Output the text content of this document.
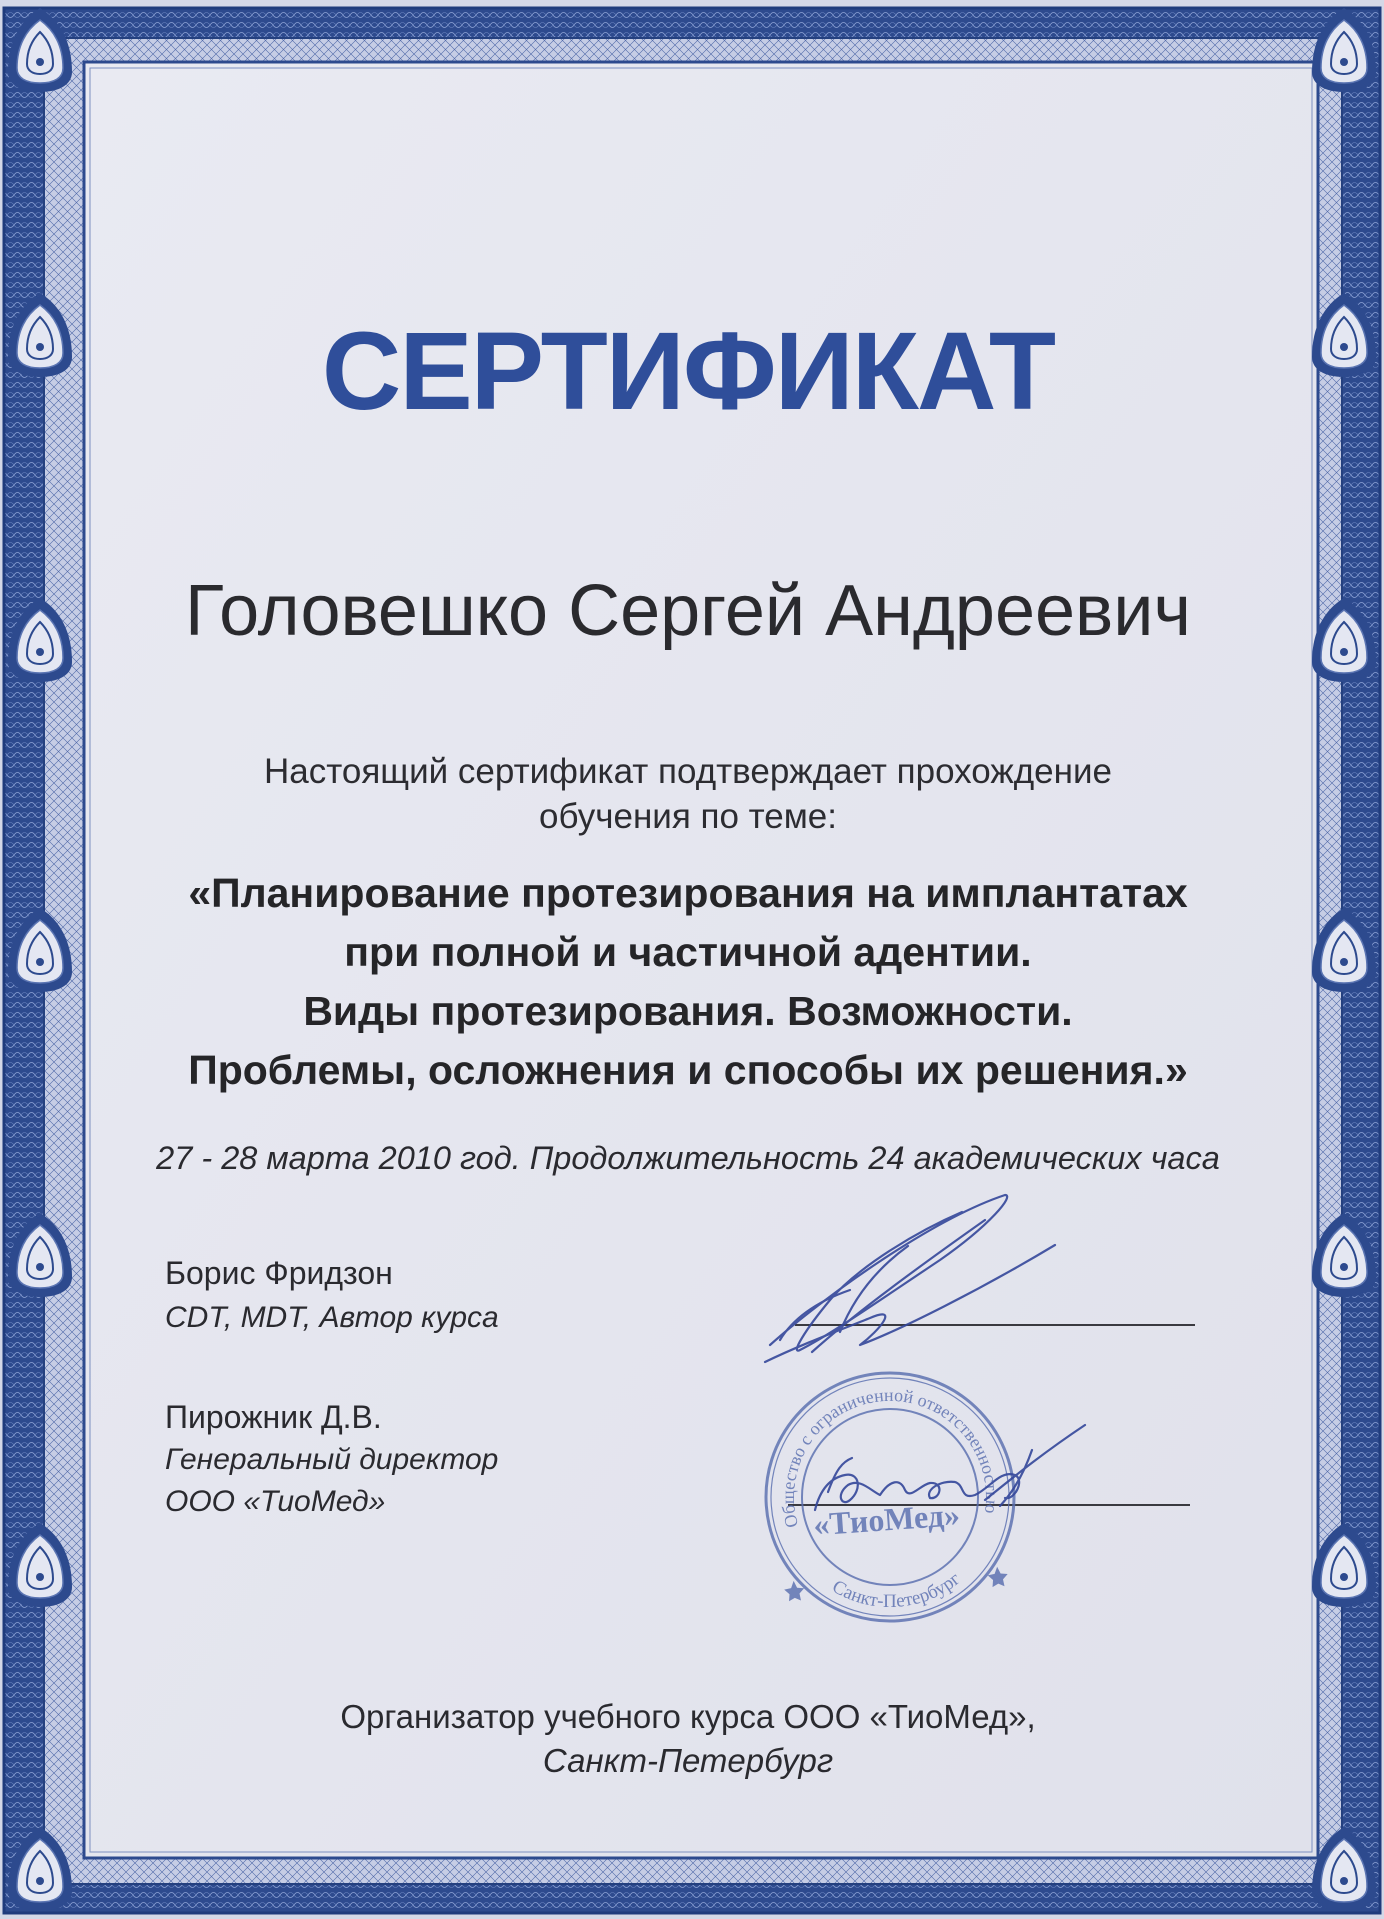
СЕРТИФИКАТ
Головешко Сергей Андреевич
Настоящий сертификат подтверждает прохождение
обучения по теме:
«Планирование протезирования на имплантатах
при полной и частичной адентии.
Виды протезирования. Возможности.
Проблемы, осложнения и способы их решения.»
27 - 28 марта 2010 год. Продолжительность 24 академических часа
Борис Фридзон
CDT, MDT, Автор курса
Пирожник Д.В.
Генеральный директор
ООО «ТиоМед»
Организатор учебного курса ООО «ТиоМед»,
Санкт-Петербург
Общество с ограниченной ответственностью
Санкт-Петербург
«ТиоМед»
